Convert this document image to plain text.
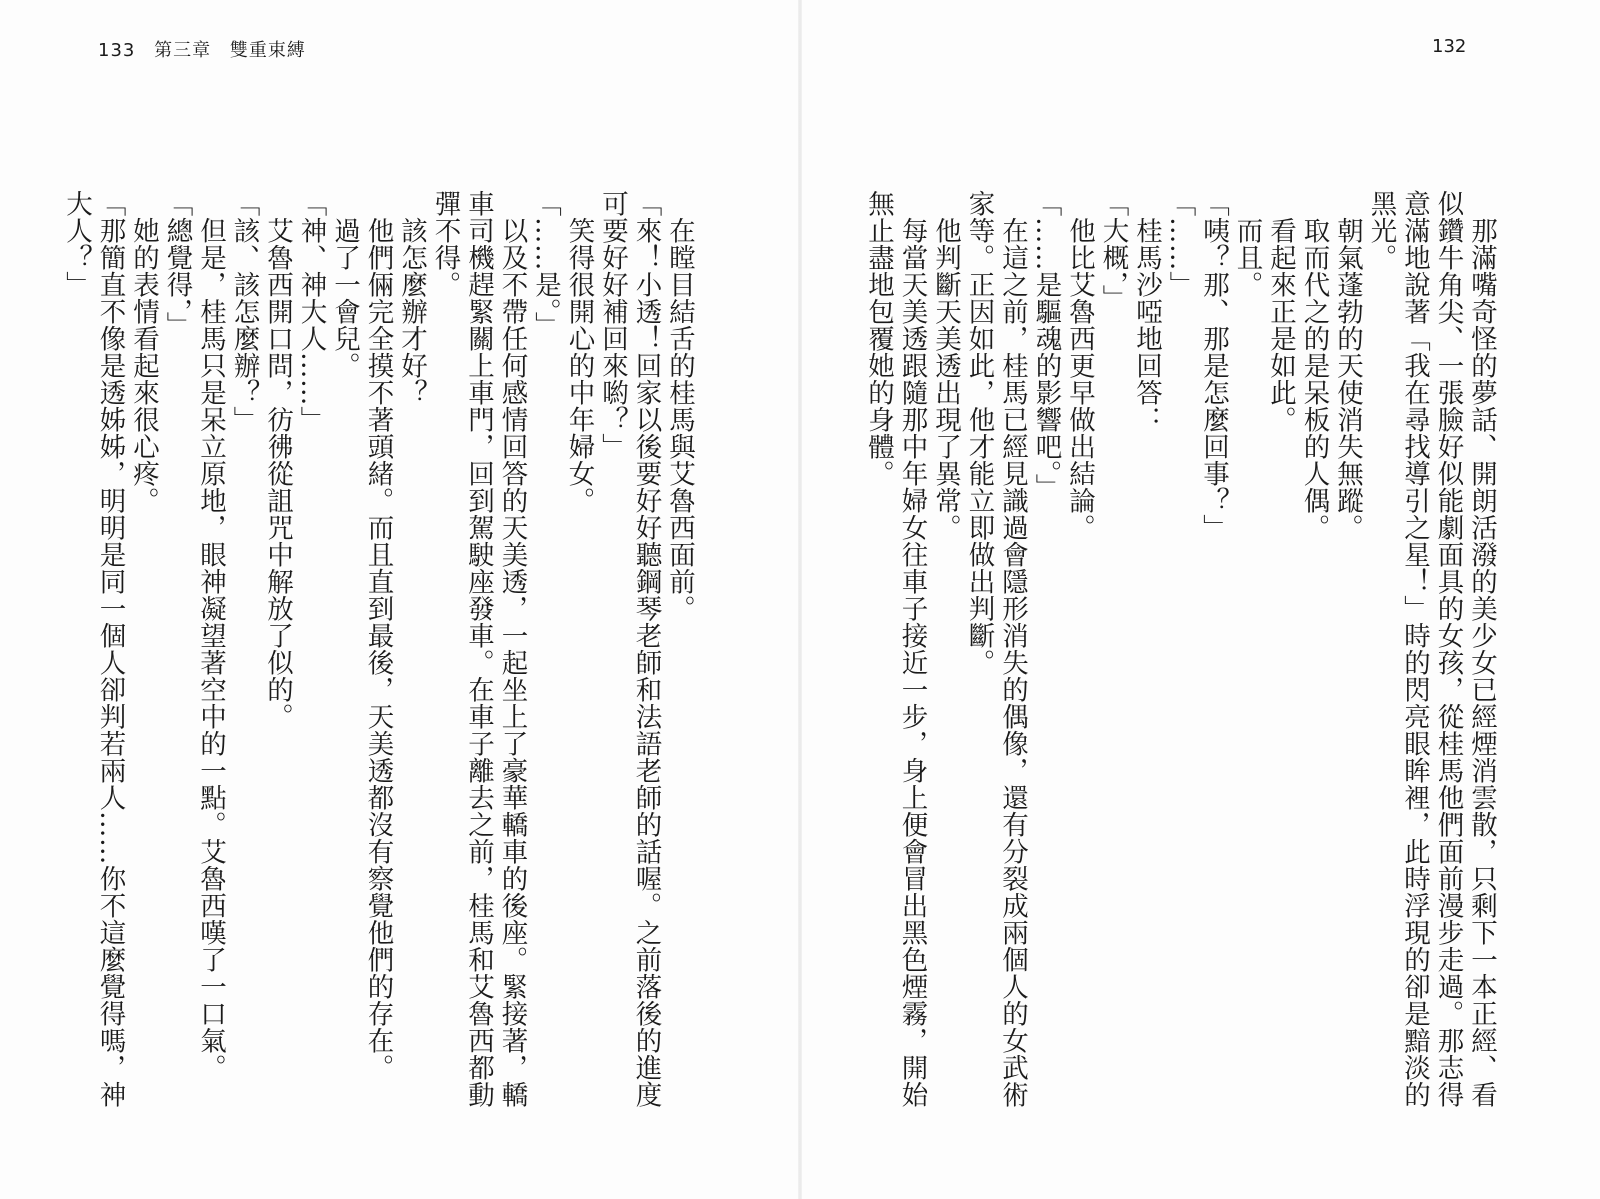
133 第三章 雙重束縛	132

那滿嘴奇怪的夢話、開朗活潑的美少女已經煙消雲散，只剩下一本正經、看似鑽牛角尖、一張臉好似能劇面具的女孩，從桂馬他們面前漫步走過。那志得意滿地說著「我在尋找導引之星！」時的閃亮眼眸裡，此時浮現的卻是黯淡的黑光。

朝氣蓬勃的天使消失無蹤。

取而代之的是呆板的人偶。

看起來正是如此。

而且。

「咦？那、那是怎麼回事？」

「……」

桂馬沙啞地回答：

「大概，」

他比艾魯西更早做出結論。

「……是驅魂的影響吧。」

在這之前，桂馬已經見識過會隱形消失的偶像，還有分裂成兩個人的女武術家等。正因如此，他才能立即做出判斷。

他判斷天美透出現了異常。

每當天美透跟隨那中年婦女往車子接近一步，身上便會冒出黑色煙霧，開始無止盡地包覆她的身體。

在瞠目結舌的桂馬與艾魯西面前。

「來！小透！回家以後要好好聽鋼琴老師和法語老師的話喔。之前落後的進度可要好好補回來喲？」

笑得很開心的中年婦女。

「……是。」

以及不帶任何感情回答的天美透，一起坐上了豪華轎車的後座。緊接著，轎車司機趕緊關上車門，回到駕駛座發車。在車子離去之前，桂馬和艾魯西都動彈不得。

該怎麼辦才好？

他們倆完全摸不著頭緒。而且直到最後，天美透都沒有察覺他們的存在。

過了一會兒。

「神、神大人……」

艾魯西開口問，彷彿從詛咒中解放了似的。

「該、該怎麼辦？」

但是，桂馬只是呆立原地，眼神凝望著空中的一點。艾魯西嘆了一口氣。

「總覺得，」

她的表情看起來很心疼。

「那簡直不像是透姊姊，明明是同一個人卻判若兩人……你不這麼覺得嗎，神大人？」
